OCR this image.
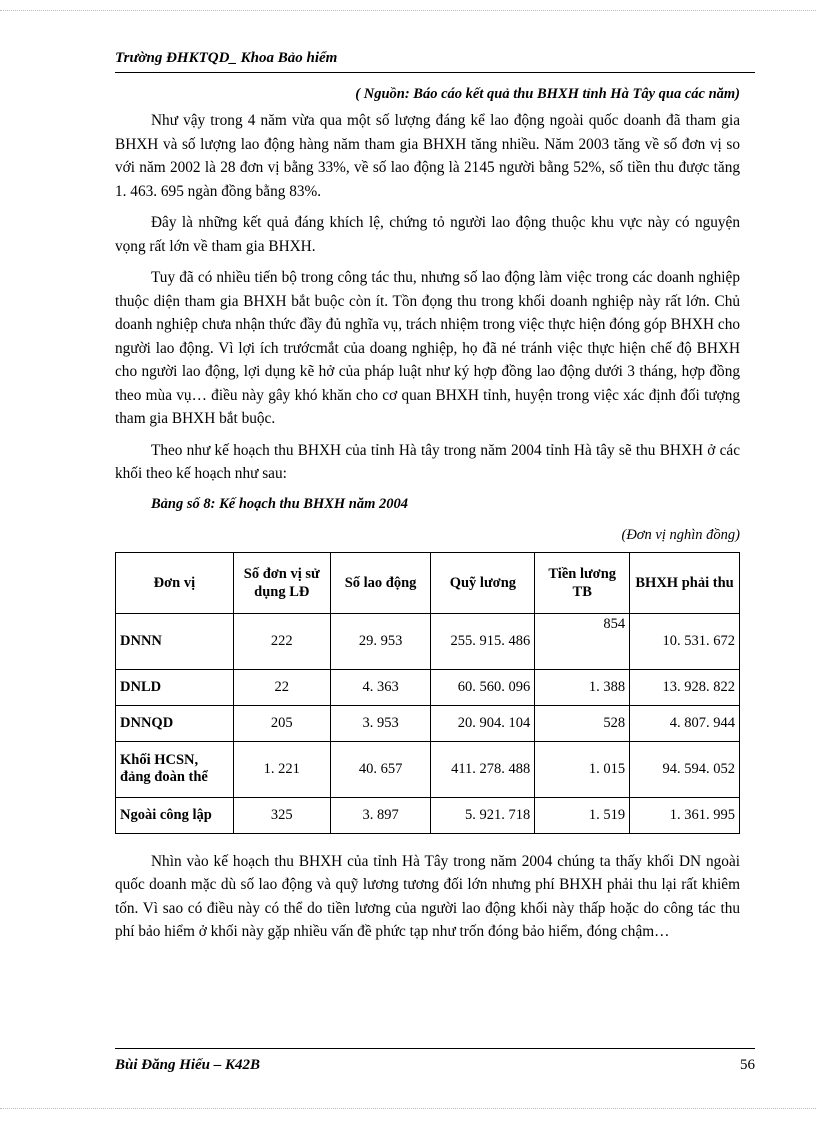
Trường ĐHKTQD_ Khoa Bảo hiểm

( Nguồn: Báo cáo kết quả thu BHXH tỉnh Hà Tây qua các năm)

Như vậy trong 4 năm vừa qua một số lượng đáng kể lao động ngoài quốc doanh đã tham gia BHXH và số lượng lao động hàng năm tham gia BHXH tăng nhiều. Năm 2003 tăng về số đơn vị so với năm 2002 là 28 đơn vị bằng 33%, về số lao động là 2145 người bằng 52%, số tiền thu được tăng 1. 463. 695 ngàn đồng bằng 83%.

Đây là những kết quả đáng khích lệ, chứng tỏ người lao động thuộc khu vực này có nguyện vọng rất lớn về tham gia BHXH.

Tuy đã có nhiều tiến bộ trong công tác thu, nhưng số lao động làm việc trong các doanh nghiệp thuộc diện tham gia BHXH bắt buộc còn ít. Tồn đọng thu trong khối doanh nghiệp này rất lớn. Chủ doanh nghiệp chưa nhận thức đầy đủ nghĩa vụ, trách nhiệm trong việc thực hiện đóng góp BHXH cho người lao động. Vì lợi ích trướcmắt của doang nghiệp, họ đã né tránh việc thực hiện chế độ BHXH cho người lao động, lợi dụng kẽ hở của pháp luật như ký hợp đồng lao động dưới 3 tháng, hợp đồng theo mùa vụ… điều này gây khó khăn cho cơ quan BHXH tỉnh, huyện trong việc xác định đối tượng tham gia BHXH bắt buộc.

Theo như kế hoạch thu BHXH của tỉnh Hà tây trong năm 2004 tỉnh Hà tây sẽ thu BHXH ở các khối theo kế hoạch như sau:

Bảng số 8: Kế hoạch thu BHXH năm 2004
(Đơn vị nghìn đồng)
Đơn vị	Số đơn vị sử dụng LĐ	Số lao động	Quỹ lương	Tiền lương TB	BHXH phải thu
DNNN	222	29. 953	255. 915. 486	854	10. 531. 672
DNLD	22	4. 363	60. 560. 096	1. 388	13. 928. 822
DNNQD	205	3. 953	20. 904. 104	528	4. 807. 944
Khối HCSN, đảng đoàn thể	1. 221	40. 657	411. 278. 488	1. 015	94. 594. 052
Ngoài công lập	325	3. 897	5. 921. 718	1. 519	1. 361. 995

Nhìn vào kế hoạch thu BHXH của tỉnh Hà Tây trong năm 2004 chúng ta thấy khối DN ngoài quốc doanh mặc dù số lao động và quỹ lương tương đối lớn nhưng phí BHXH phải thu lại rất khiêm tốn. Vì sao có điều này có thể do tiền lương của người lao động khối này thấp hoặc do công tác thu phí bảo hiểm ở khối này gặp nhiều vấn đề phức tạp như trốn đóng bảo hiểm, đóng chậm…

Bùi Đăng Hiếu – K42B	56
